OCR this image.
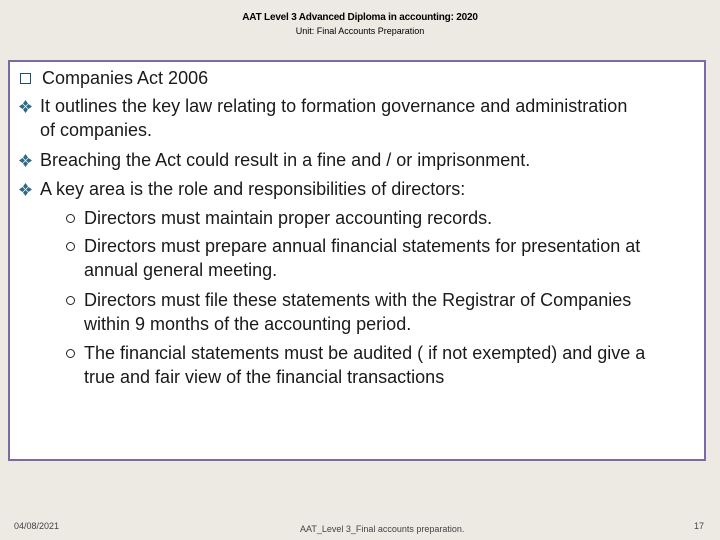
AAT Level 3 Advanced Diploma in accounting: 2020
Unit: Final Accounts Preparation
Companies Act 2006
It outlines the key law relating to formation governance and administration
of companies.
Breaching the Act could result in a fine and / or imprisonment.
A key area is the role and responsibilities of directors:
Directors must maintain proper accounting records.
Directors must prepare annual financial statements for presentation at
annual general meeting.
Directors must file these statements with the Registrar of Companies
within 9 months of the accounting period.
The financial statements must be audited ( if not exempted) and give a
true and fair view of the financial transactions
04/08/2021	AAT_Level 3_Final accounts preparation.	17
